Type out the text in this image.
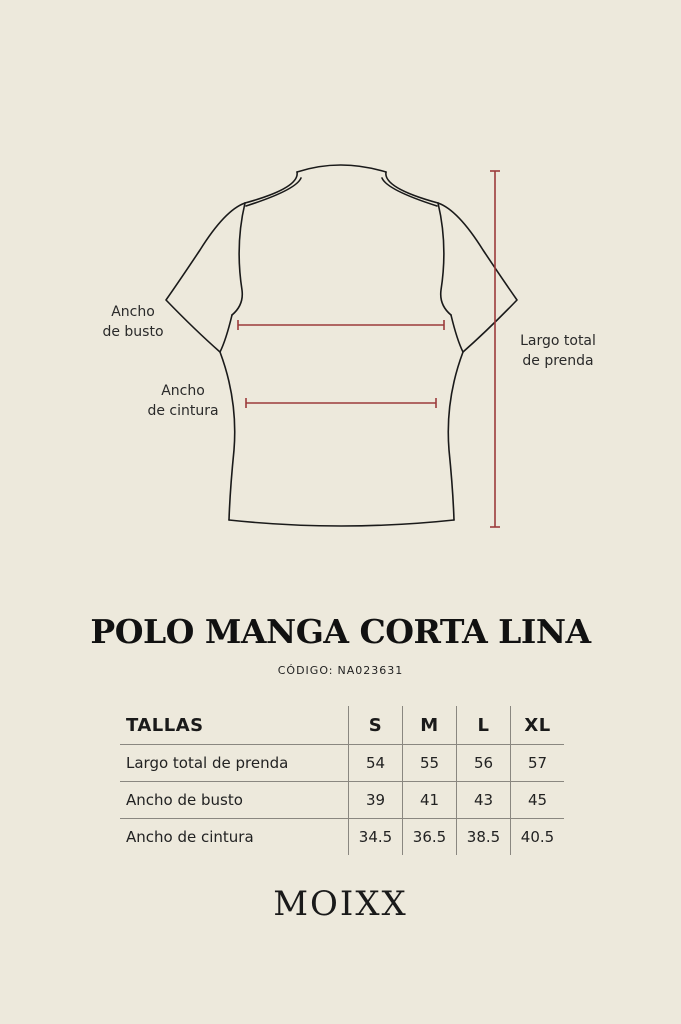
Ancho
de busto
Ancho
de cintura
Largo total
de prenda
POLO MANGA CORTA LINA
CÓDIGO: NA023631
TALLAS	S	M	L	XL
Largo total de prenda	54	55	56	57
Ancho de busto	39	41	43	45
Ancho de cintura	34.5	36.5	38.5	40.5
MOIXX
